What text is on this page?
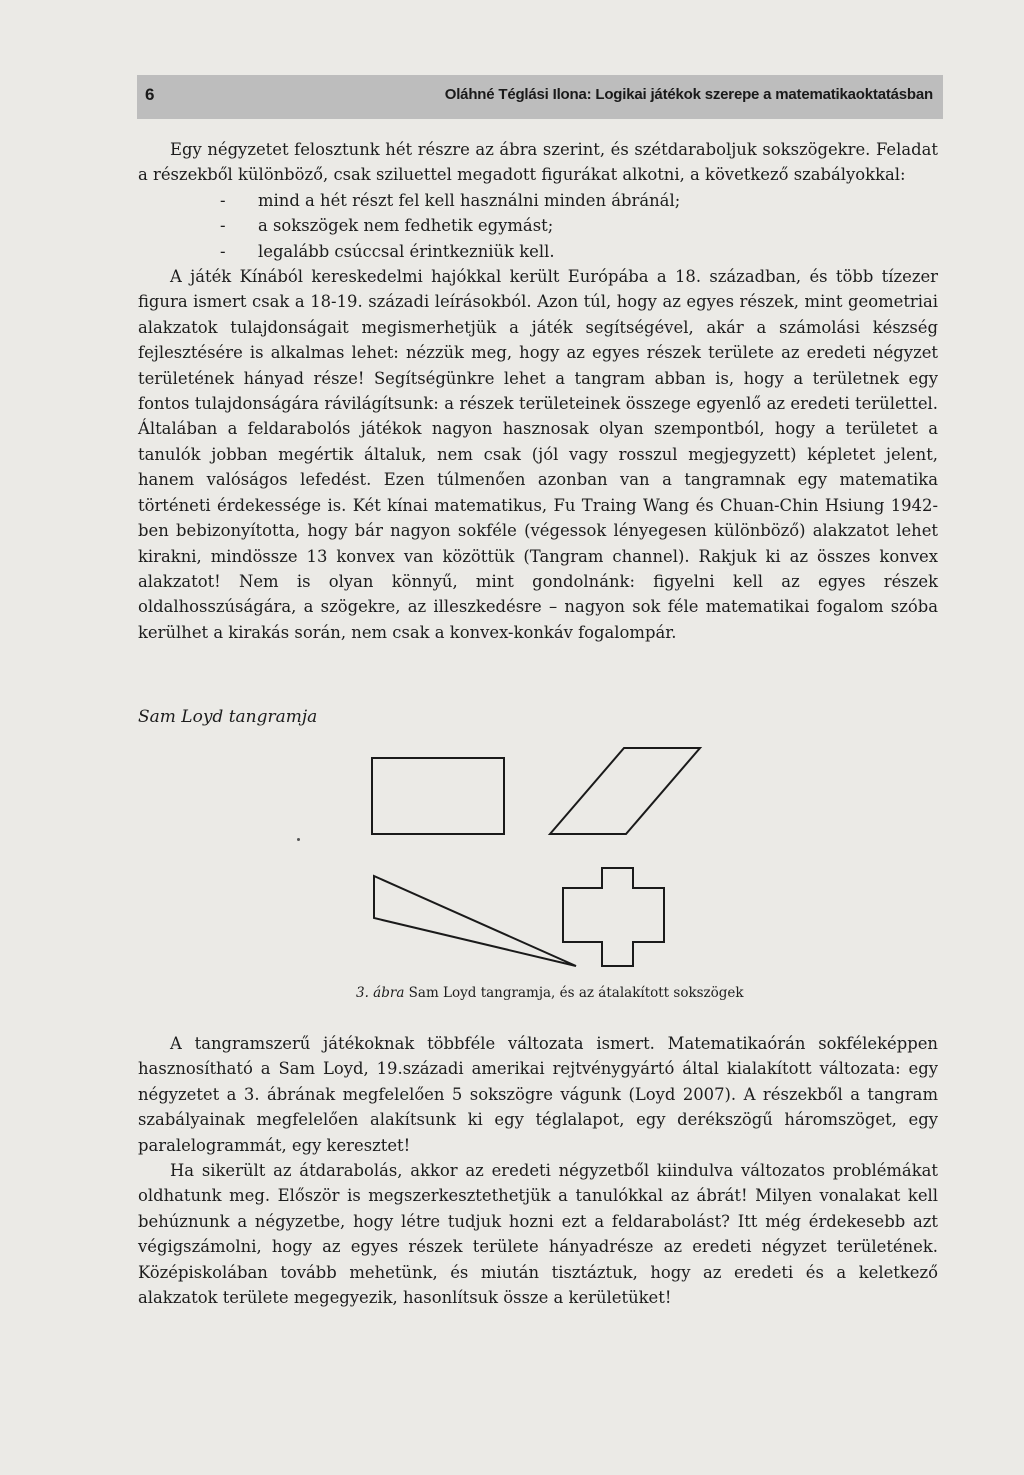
6	Oláhné Téglási Ilona: Logikai játékok szerepe a matematikaoktatásban

Egy négyzetet felosztunk hét részre az ábra szerint, és szétdaraboljuk sokszögekre. Feladat a részekből különböző, csak sziluettel megadott figurákat alkotni, a következő szabályokkal:

- mind a hét részt fel kell használni minden ábránál;
- a sokszögek nem fedhetik egymást;
- legalább csúccsal érintkezniük kell.

A játék Kínából kereskedelmi hajókkal került Európába a 18. században, és több tízezer figura ismert csak a 18-19. századi leírásokból. Azon túl, hogy az egyes részek, mint geometriai alakzatok tulajdonságait megismerhetjük a játék segítségével, akár a számolási készség fejlesztésére is alkalmas lehet: nézzük meg, hogy az egyes részek területe az eredeti négyzet területének hányad része! Segítségünkre lehet a tangram abban is, hogy a területnek egy fontos tulajdonságára rávilágítsunk: a részek területeinek összege egyenlő az eredeti területtel. Általában a feldarabolós játékok nagyon hasznosak olyan szempontból, hogy a területet a tanulók jobban megértik általuk, nem csak (jól vagy rosszul megjegyzett) képletet jelent, hanem valóságos lefedést. Ezen túlmenően azonban van a tangramnak egy matematika történeti érdekessége is. Két kínai matematikus, Fu Traing Wang és Chuan-Chin Hsiung 1942-ben bebizonyította, hogy bár nagyon sokféle (végessok lényegesen különböző) alakzatot lehet kirakni, mindössze 13 konvex van közöttük (Tangram channel). Rakjuk ki az összes konvex alakzatot! Nem is olyan könnyű, mint gondolnánk: figyelni kell az egyes részek oldalhosszúságára, a szögekre, az illeszkedésre – nagyon sok féle matematikai fogalom szóba kerülhet a kirakás során, nem csak a konvex-konkáv fogalompár.

Sam Loyd tangramja
3. ábra Sam Loyd tangramja, és az átalakított sokszögek

A tangramszerű játékoknak többféle változata ismert. Matematikaórán sokféleképpen hasznosítható a Sam Loyd, 19.századi amerikai rejtvénygyártó által kialakított változata: egy négyzetet a 3. ábrának megfelelően 5 sokszögre vágunk (Loyd 2007). A részekből a tangram szabályainak megfelelően alakítsunk ki egy téglalapot, egy derékszögű háromszöget, egy paralelogrammát, egy keresztet!

Ha sikerült az átdarabolás, akkor az eredeti négyzetből kiindulva változatos problémákat oldhatunk meg. Először is megszerkesztethetjük a tanulókkal az ábrát! Milyen vonalakat kell behúznunk a négyzetbe, hogy létre tudjuk hozni ezt a feldarabolást? Itt még érdekesebb azt végigszámolni, hogy az egyes részek területe hányadrésze az eredeti négyzet területének. Középiskolában tovább mehetünk, és miután tisztáztuk, hogy az eredeti és a keletkező alakzatok területe megegyezik, hasonlítsuk össze a kerületüket!
